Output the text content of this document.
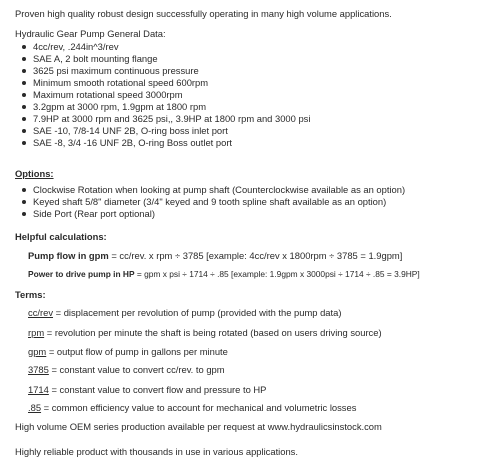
Proven high quality robust design successfully operating in many high volume applications.

Hydraulic Gear Pump General Data:

4cc/rev, .244in^3/rev
SAE A, 2 bolt mounting flange
3625 psi maximum continuous pressure
Minimum smooth rotational speed 600rpm
Maximum rotational speed 3000rpm
3.2gpm at 3000 rpm, 1.9gpm at 1800 rpm
7.9HP at 3000 rpm and 3625 psi,, 3.9HP at 1800 rpm and 3000 psi
SAE -10, 7/8-14 UNF 2B, O-ring boss inlet port
SAE -8, 3/4 -16 UNF 2B, O-ring Boss outlet port

Options:

Clockwise Rotation when looking at pump shaft (Counterclockwise available as an option)
Keyed shaft 5/8" diameter (3/4" keyed and 9 tooth spline shaft available as an option)
Side Port (Rear port optional)

Helpful calculations:

Pump flow in gpm = cc/rev. x rpm ÷ 3785 [example: 4cc/rev x 1800rpm ÷ 3785 = 1.9gpm]

Power to drive pump in HP = gpm x psi ÷ 1714 ÷ .85 [example: 1.9gpm x 3000psi ÷ 1714 ÷ .85 = 3.9HP]

Terms:

cc/rev = displacement per revolution of pump (provided with the pump data)

rpm = revolution per minute the shaft is being rotated (based on users driving source)

gpm = output flow of pump in gallons per minute

3785 = constant value to convert cc/rev. to gpm

1714 = constant value to convert flow and pressure to HP

.85 = common efficiency value to account for mechanical and volumetric losses

High volume OEM series production available per request at www.hydraulicsinstock.com

Highly reliable product with thousands in use in various applications.
